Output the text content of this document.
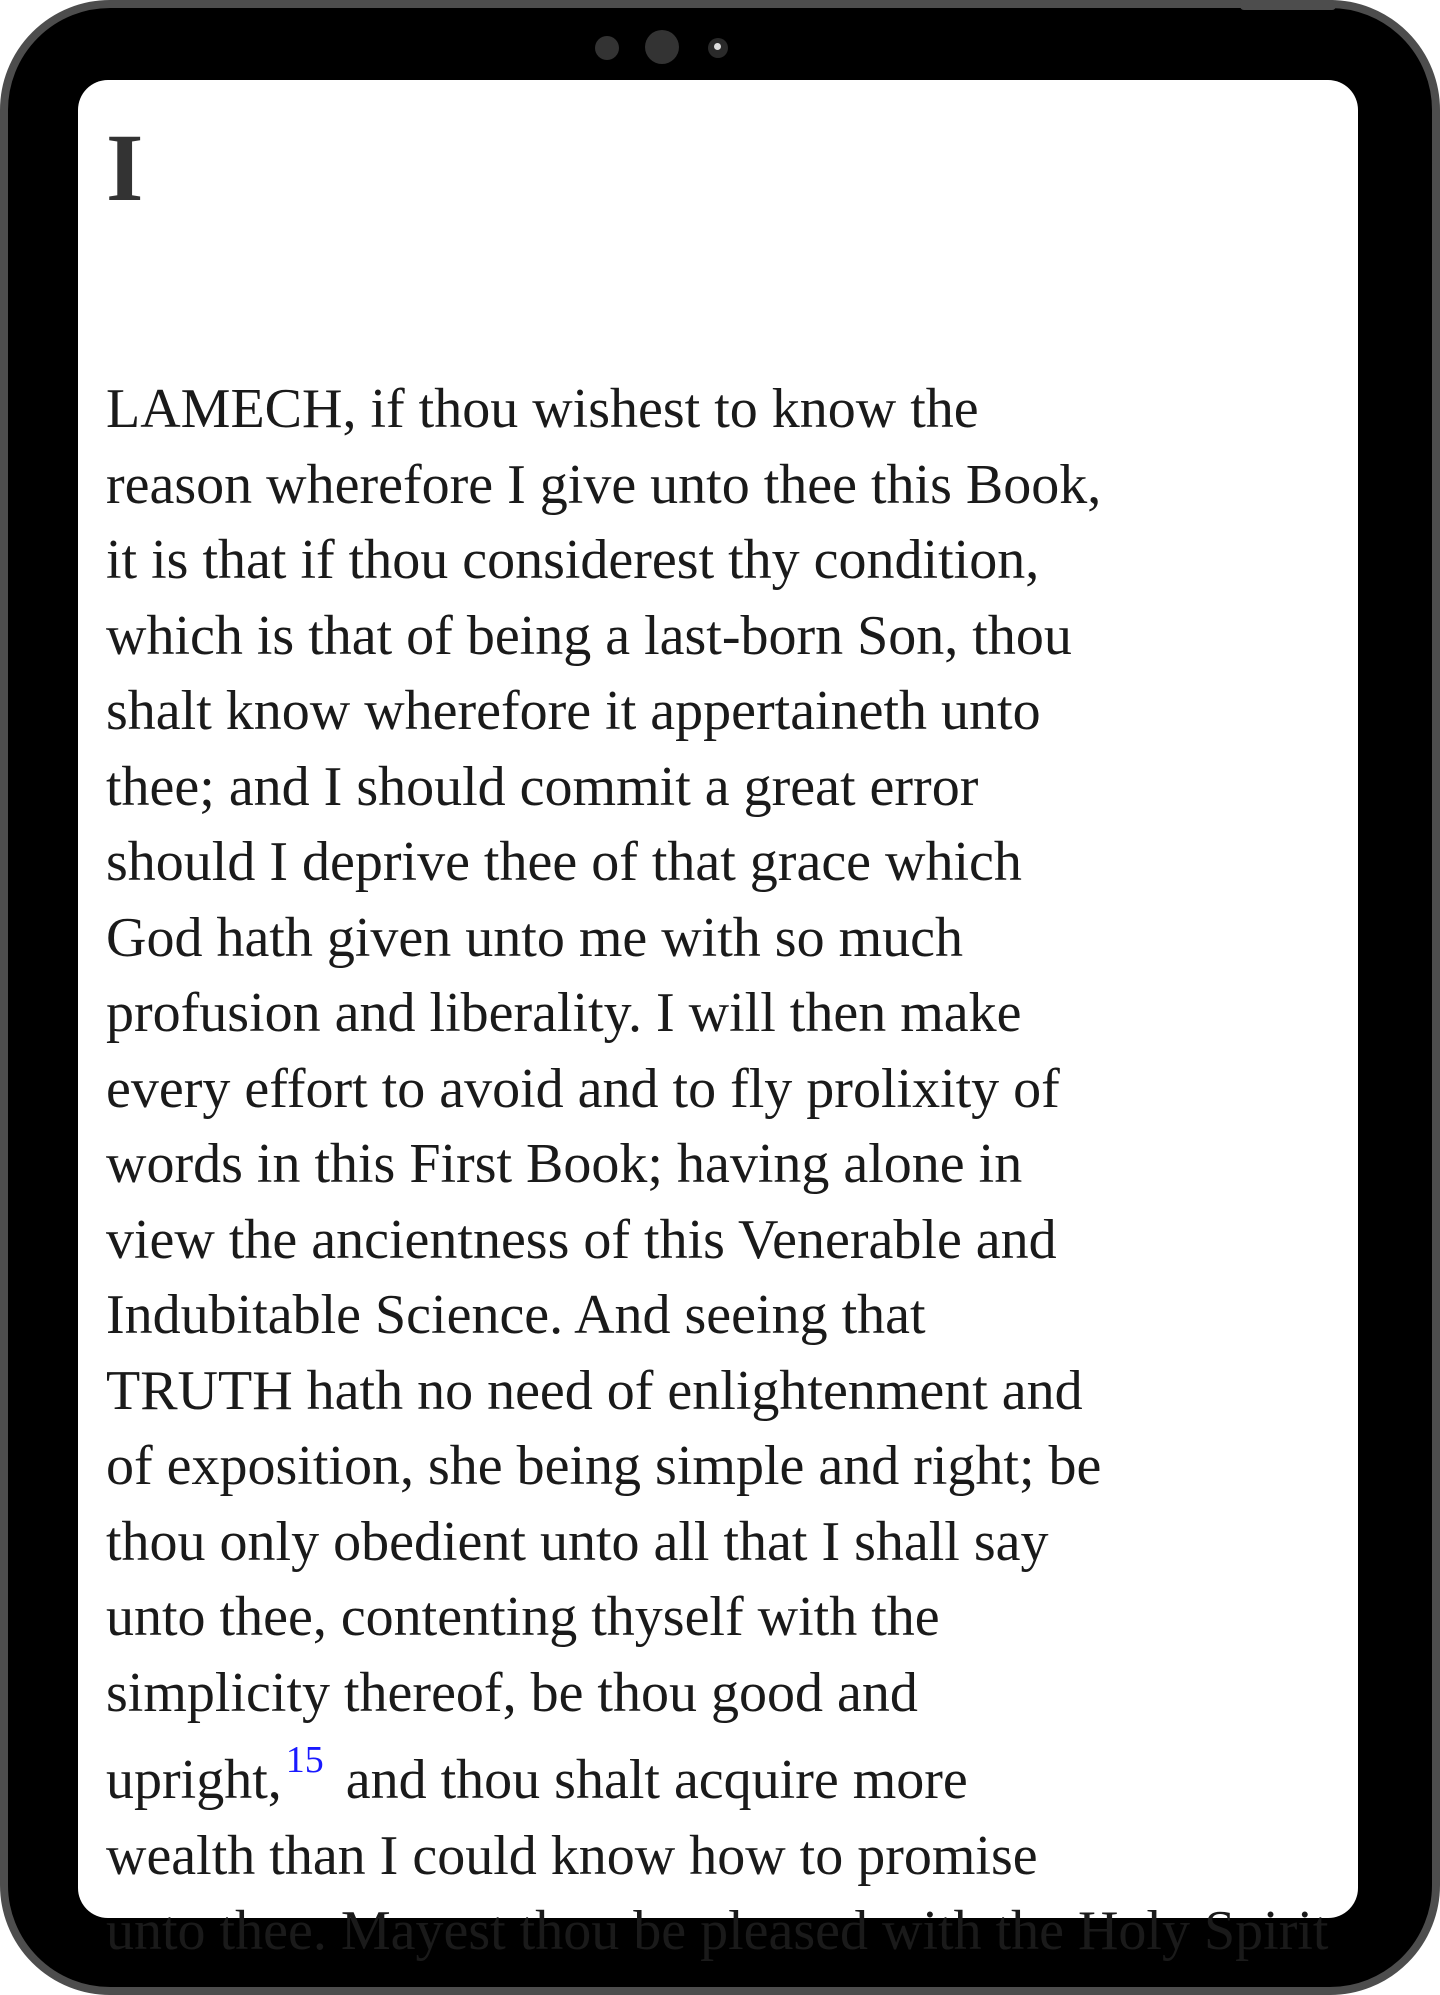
I
LAMECH, if thou wishest to know the
reason wherefore I give unto thee this Book,
it is that if thou considerest thy condition,
which is that of being a last-born Son, thou
shalt know wherefore it appertaineth unto
thee; and I should commit a great error
should I deprive thee of that grace which
God hath given unto me with so much
profusion and liberality. I will then make
every effort to avoid and to fly prolixity of
words in this First Book; having alone in
view the ancientness of this Venerable and
Indubitable Science. And seeing that
TRUTH hath no need of enlightenment and
of exposition, she being simple and right; be
thou only obedient unto all that I shall say
unto thee, contenting thyself with the
simplicity thereof, be thou good and
upright, $^{15}$ and thou shalt acquire more
wealth than I could know how to promise
unto thee. Mayest thou be pleased with the Holy Spirit
